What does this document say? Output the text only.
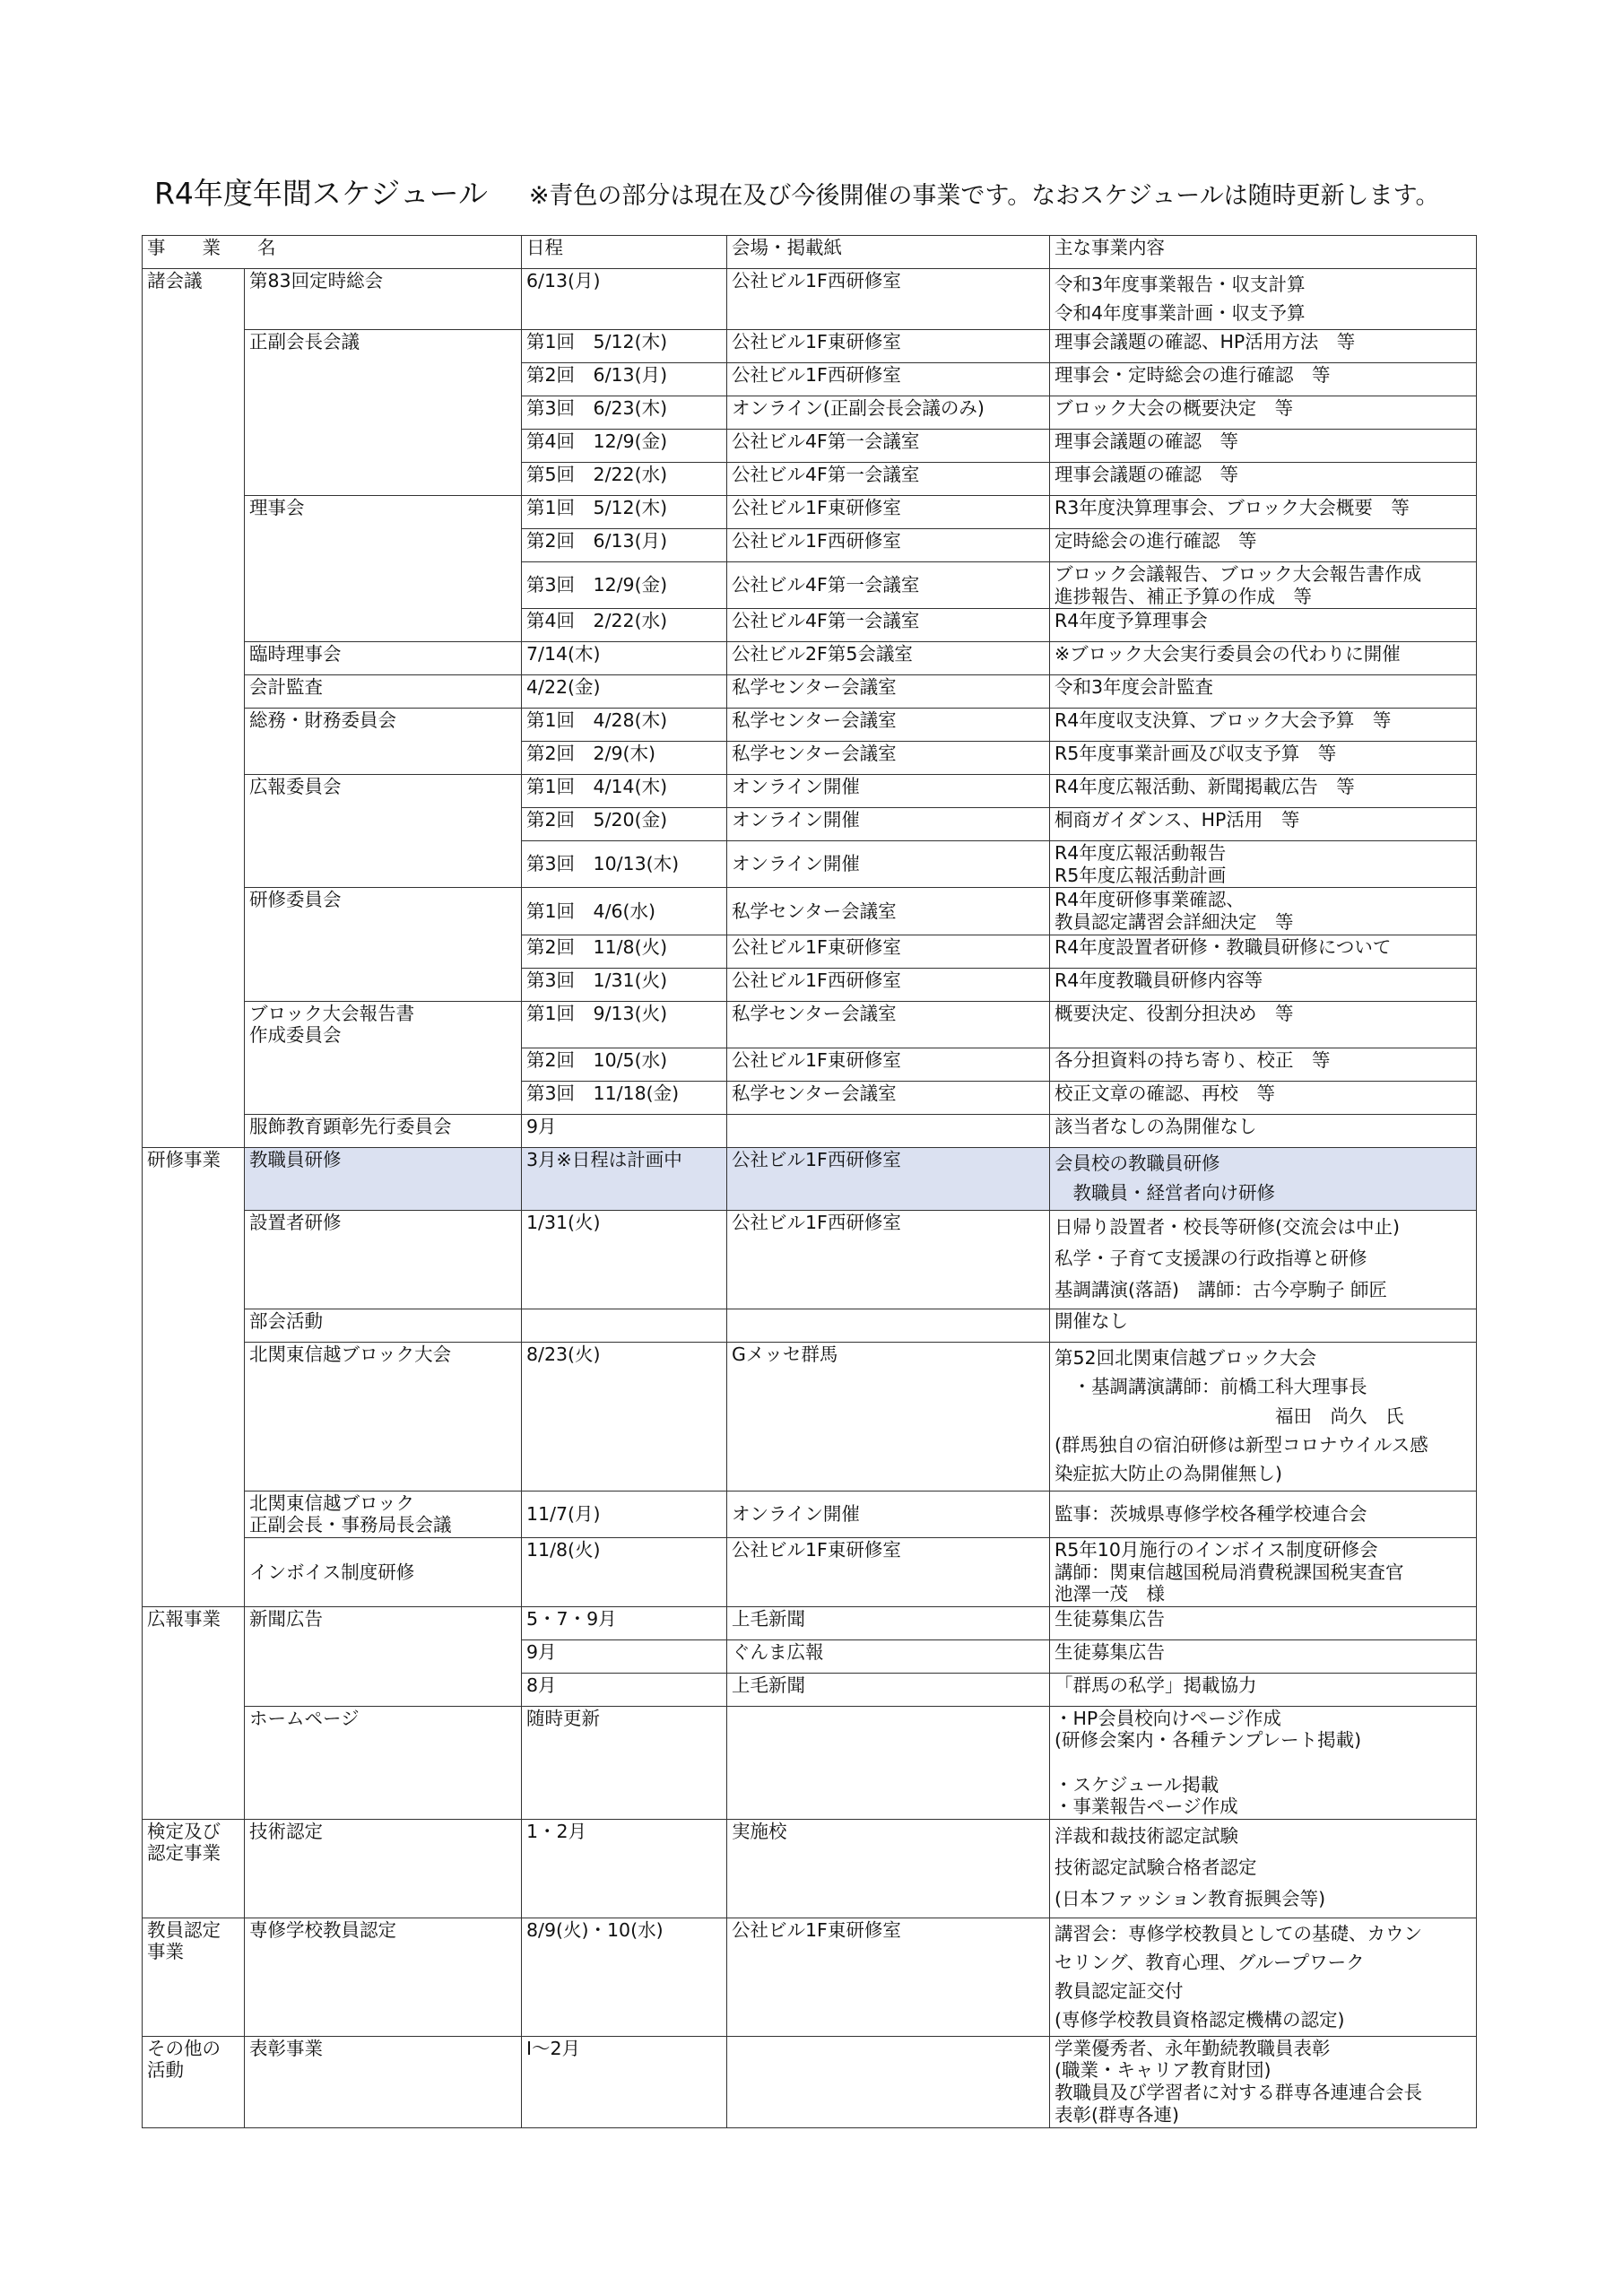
R4年度年間スケジュール ※青色の部分は現在及び今後開催の事業です。なおスケジュールは随時更新します。
事　　業　　名		日程	会場・掲載紙	主な事業内容
諸会議	第83回定時総会	6/13(月)	公社ビル1F西研修室	令和3年度事業報告・収支計算
令和4年度事業計画・収支予算

	正副会長会議	第1回　5/12(木)	公社ビル1F東研修室	理事会議題の確認、HP活用方法　等

		第2回　6/13(月)	公社ビル1F西研修室	理事会・定時総会の進行確認　等

		第3回　6/23(木)	オンライン(正副会長会議のみ)	ブロック大会の概要決定　等

		第4回　12/9(金)	公社ビル4F第一会議室	理事会議題の確認　等

		第5回　2/22(水)	公社ビル4F第一会議室	理事会議題の確認　等

	理事会	第1回　5/12(木)	公社ビル1F東研修室	R3年度決算理事会、ブロック大会概要　等

		第2回　6/13(月)	公社ビル1F西研修室	定時総会の進行確認　等

		第3回　12/9(金)	公社ビル4F第一会議室	ブロック会議報告、ブロック大会報告書作成
進捗報告、補正予算の作成　等

		第4回　2/22(水)	公社ビル4F第一会議室	R4年度予算理事会

	臨時理事会	7/14(木)	公社ビル2F第5会議室	※ブロック大会実行委員会の代わりに開催

	会計監査	4/22(金)	私学センター会議室	令和3年度会計監査

	総務・財務委員会	第1回　4/28(木)	私学センター会議室	R4年度収支決算、ブロック大会予算　等

		第2回　2/9(木)	私学センター会議室	R5年度事業計画及び収支予算　等

	広報委員会	第1回　4/14(木)	オンライン開催	R4年度広報活動、新聞掲載広告　等

		第2回　5/20(金)	オンライン開催	桐商ガイダンス、HP活用　等

		第3回　10/13(木)	オンライン開催	R4年度広報活動報告
R5年度広報活動計画

	研修委員会	第1回　4/6(水)	私学センター会議室	R4年度研修事業確認、
教員認定講習会詳細決定　等

		第2回　11/8(火)	公社ビル1F東研修室	R4年度設置者研修・教職員研修について

		第3回　1/31(火)	公社ビル1F西研修室	R4年度教職員研修内容等

	ブロック大会報告書
作成委員会	第1回　9/13(火)	私学センター会議室	概要決定、役割分担決め　等

		第2回　10/5(水)	公社ビル1F東研修室	各分担資料の持ち寄り、校正　等

		第3回　11/18(金)	私学センター会議室	校正文章の確認、再校　等

	服飾教育顕彰先行委員会	9月		該当者なしの為開催なし

研修事業	教職員研修	3月※日程は計画中	公社ビル1F西研修室	会員校の教職員研修
　教職員・経営者向け研修

	設置者研修	1/31(火)	公社ビル1F西研修室	日帰り設置者・校長等研修(交流会は中止)
私学・子育て支援課の行政指導と研修
基調講演(落語)　講師：古今亭駒子 師匠

	部会活動			開催なし

	北関東信越ブロック大会	8/23(火)	Gメッセ群馬	第52回北関東信越ブロック大会
　・基調講演講師：前橋工科大理事長
　　　　　　　　　　　　福田　尚久　氏
(群馬独自の宿泊研修は新型コロナウイルス感
染症拡大防止の為開催無し)

	北関東信越ブロック
正副会長・事務局長会議	11/7(月)	オンライン開催	監事：茨城県専修学校各種学校連合会

	インボイス制度研修	11/8(火)	公社ビル1F東研修室	R5年10月施行のインボイス制度研修会
講師：関東信越国税局消費税課国税実査官
池澤一茂　様

広報事業	新聞広告	5・7・9月	上毛新聞	生徒募集広告

		9月	ぐんま広報	生徒募集広告

		8月	上毛新聞	「群馬の私学」掲載協力

	ホームページ	随時更新		・HP会員校向けページ作成
(研修会案内・各種テンプレート掲載)

・スケジュール掲載
・事業報告ページ作成

検定及び
認定事業	技術認定	1・2月	実施校	洋裁和裁技術認定試験
技術認定試験合格者認定
(日本ファッション教育振興会等)

教員認定
事業	専修学校教員認定	8/9(火)・10(水)	公社ビル1F東研修室	講習会：専修学校教員としての基礎、カウン
セリング、教育心理、グループワーク
教員認定証交付
(専修学校教員資格認定機構の認定)

その他の
活動	表彰事業	Ⅰ～2月		学業優秀者、永年勤続教職員表彰
(職業・キャリア教育財団)
教職員及び学習者に対する群専各連連合会長
表彰(群専各連)
